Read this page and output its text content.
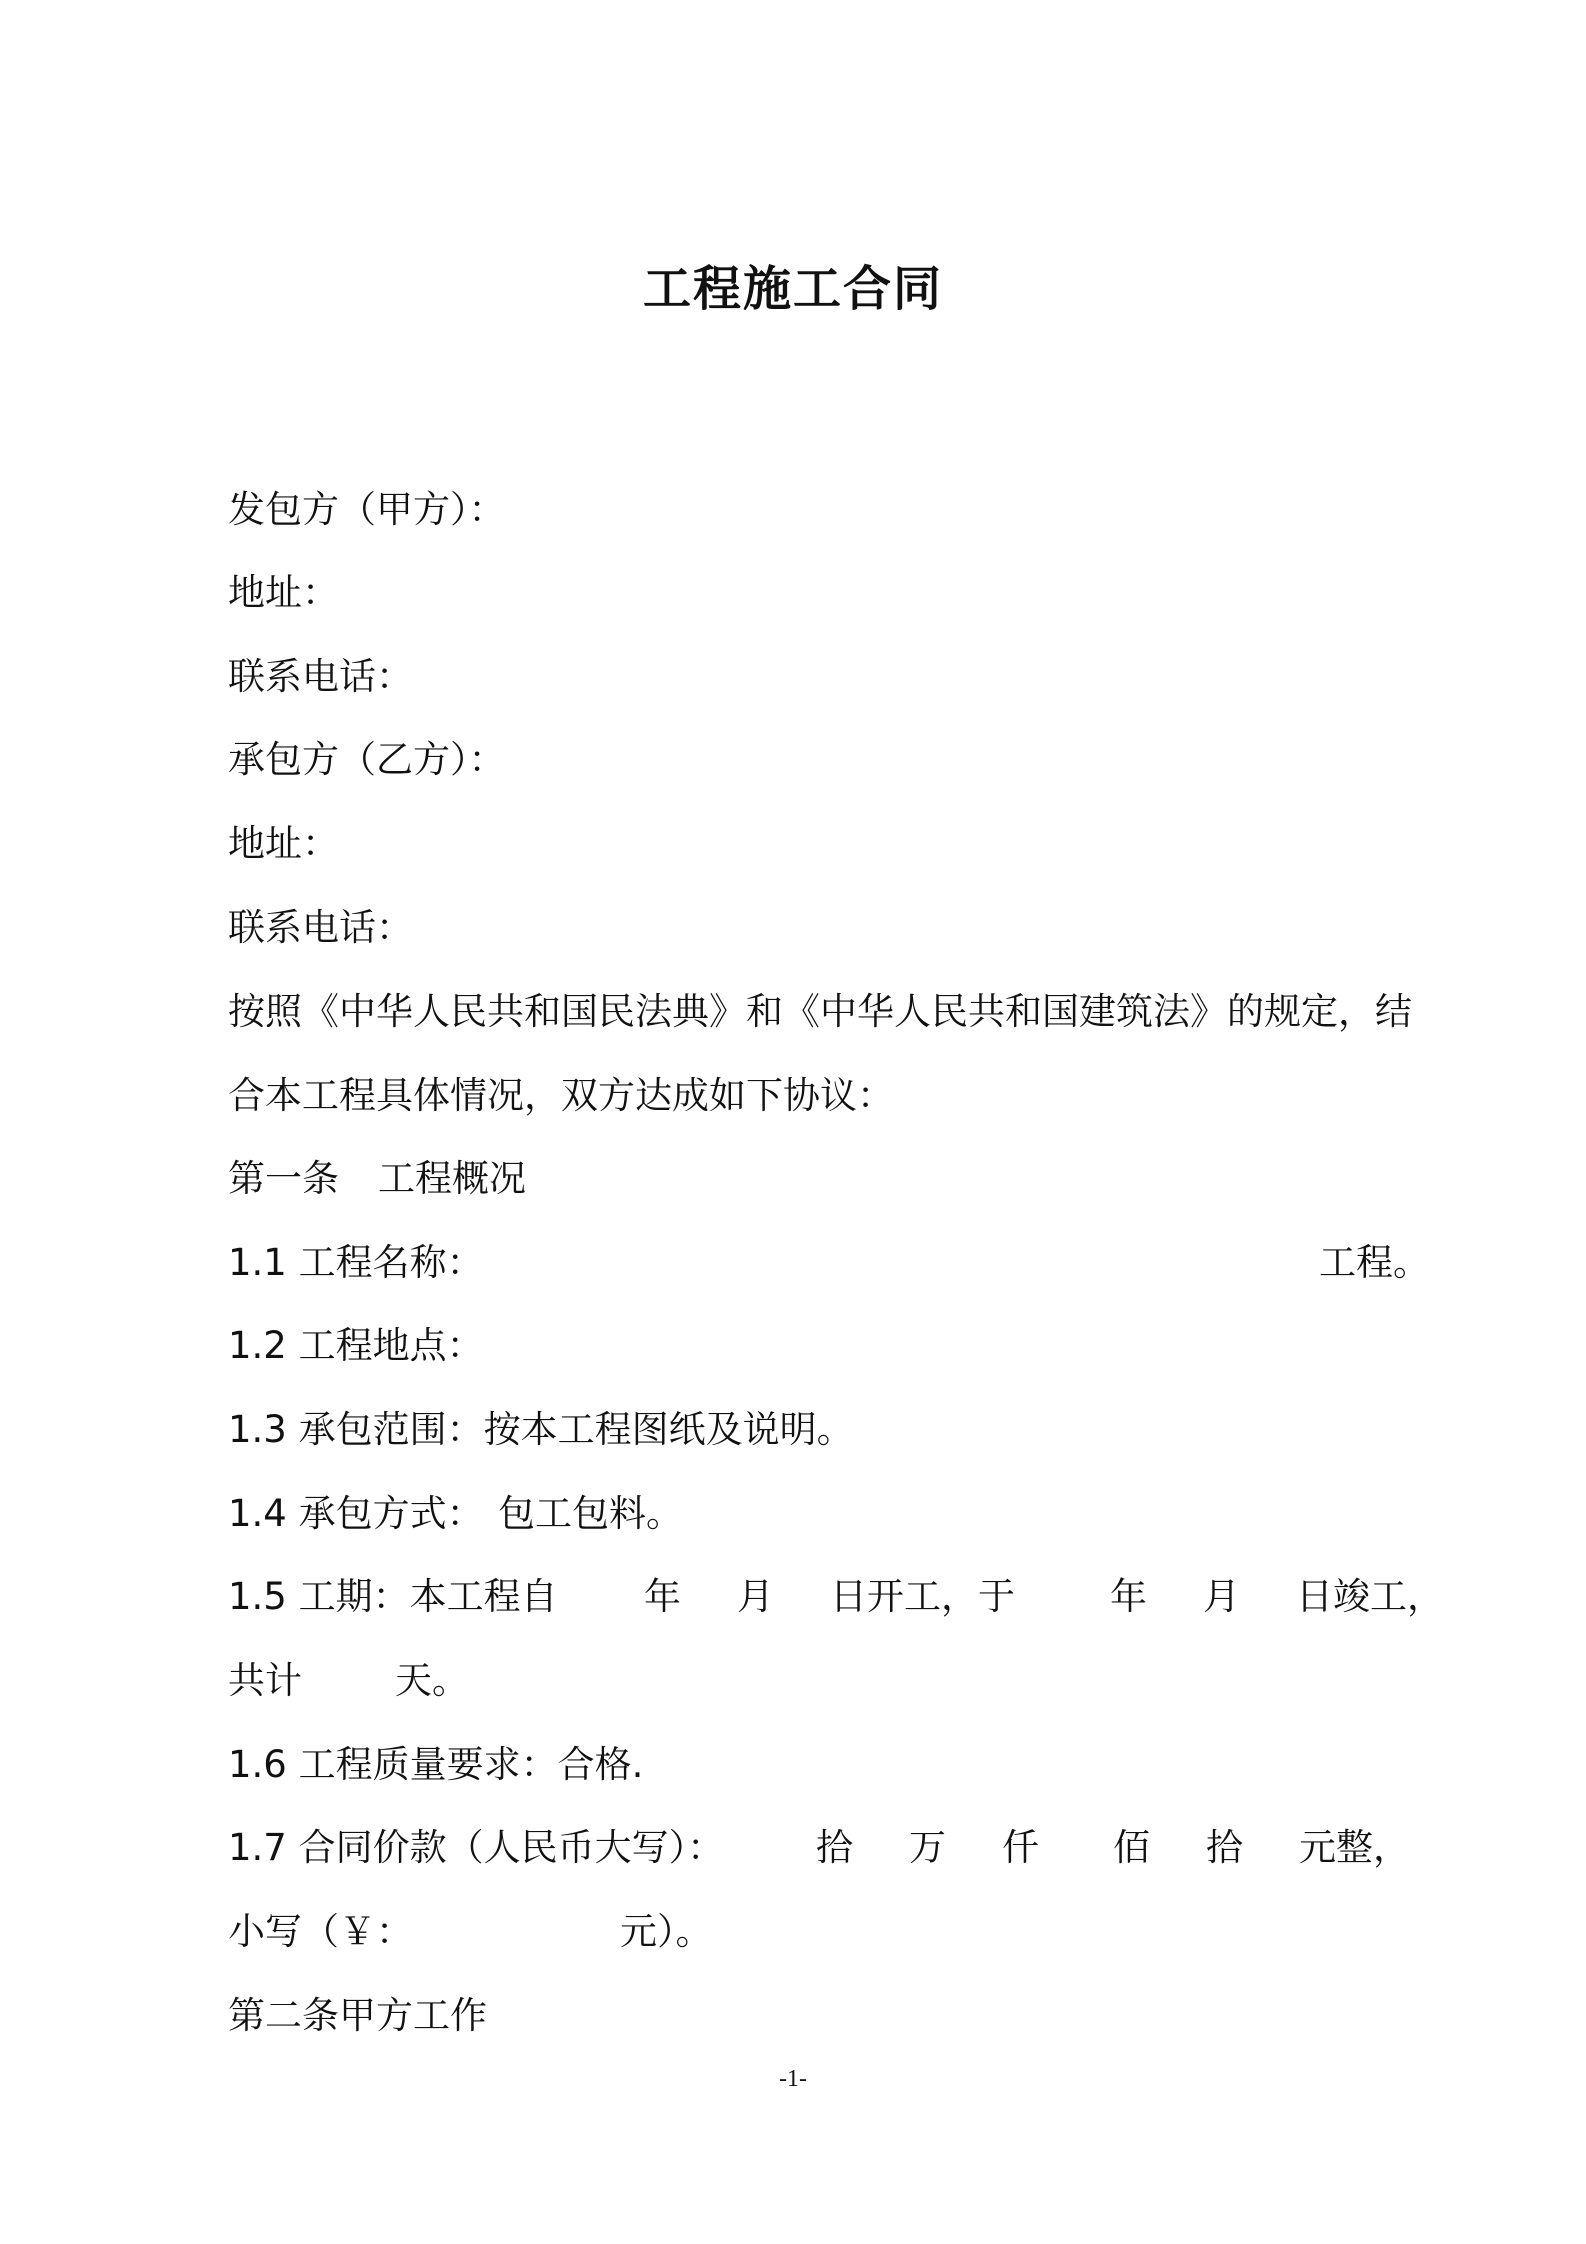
工程施工合同
发包方（甲方）：
地址：
联系电话：
承包方（乙方）：
地址：
联系电话：
按照《中华人民共和国民法典》和《中华人民共和国建筑法》的规定，结
合本工程具体情况，双方达成如下协议：
第一条 工程概况
1.1 工程名称：	工程。
1.2 工程地点：
1.3 承包范围：按本工程图纸及说明。
1.4 承包方式： 包工包料。
1.5 工期：本工程自 年 月 日开工，于	年 月 日竣工，
共计	天。
1.6 工程质量要求：合格.
1.7 合同价款（人民币大写）： 拾 万 仟 佰 拾 元整，
小写（￥：	元）。
第二条甲方工作
-1-
